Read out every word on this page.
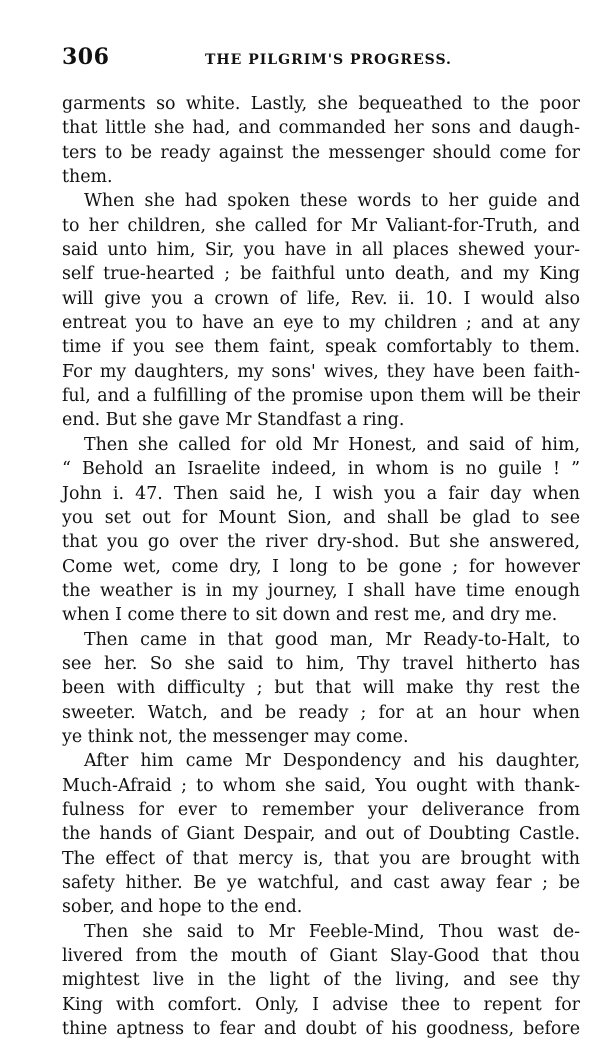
306	THE PILGRIM'S PROGRESS.
garments so white. Lastly, she bequeathed to the poor
that little she had, and commanded her sons and daugh-
ters to be ready against the messenger should come for
them.
When she had spoken these words to her guide and
to her children, she called for Mr Valiant-for-Truth, and
said unto him, Sir, you have in all places shewed your-
self true-hearted ; be faithful unto death, and my King
will give you a crown of life, Rev. ii. 10. I would also
entreat you to have an eye to my children ; and at any
time if you see them faint, speak comfortably to them.
For my daughters, my sons' wives, they have been faith-
ful, and a fulfilling of the promise upon them will be their
end. But she gave Mr Standfast a ring.
Then she called for old Mr Honest, and said of him,
“ Behold an Israelite indeed, in whom is no guile ! ”
John i. 47. Then said he, I wish you a fair day when
you set out for Mount Sion, and shall be glad to see
that you go over the river dry-shod. But she answered,
Come wet, come dry, I long to be gone ; for however
the weather is in my journey, I shall have time enough
when I come there to sit down and rest me, and dry me.
Then came in that good man, Mr Ready-to-Halt, to
see her. So she said to him, Thy travel hitherto has
been with difficulty ; but that will make thy rest the
sweeter. Watch, and be ready ; for at an hour when
ye think not, the messenger may come.
After him came Mr Despondency and his daughter,
Much-Afraid ; to whom she said, You ought with thank-
fulness for ever to remember your deliverance from
the hands of Giant Despair, and out of Doubting Castle.
The effect of that mercy is, that you are brought with
safety hither. Be ye watchful, and cast away fear ; be
sober, and hope to the end.
Then she said to Mr Feeble-Mind, Thou wast de-
livered from the mouth of Giant Slay-Good that thou
mightest live in the light of the living, and see thy
King with comfort. Only, I advise thee to repent for
thine aptness to fear and doubt of his goodness, before
